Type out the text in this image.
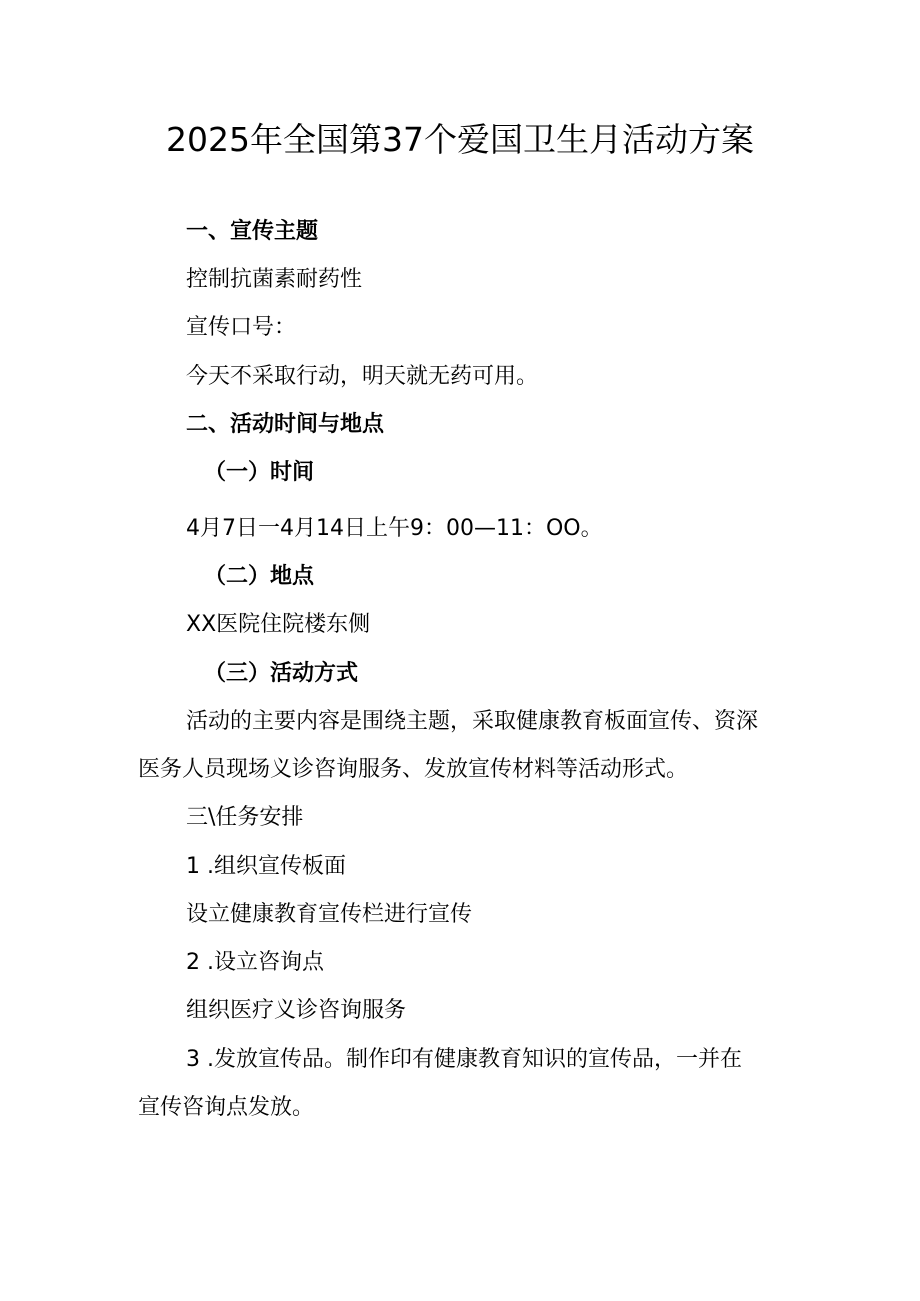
2025年全国第37个爱国卫生月活动方案
一、宣传主题
控制抗菌素耐药性
宣传口号：
今天不采取行动，明天就无药可用。
二、活动时间与地点
（一）时间
4月7日一4月14日上午9：00—11：OO。
（二）地点
XX医院住院楼东侧
（三）活动方式
活动的主要内容是围绕主题，采取健康教育板面宣传、资深
医务人员现场义诊咨询服务、发放宣传材料等活动形式。
三\任务安排
1 .组织宣传板面
设立健康教育宣传栏进行宣传
2 .设立咨询点
组织医疗义诊咨询服务
3 .发放宣传品。制作印有健康教育知识的宣传品，一并在
宣传咨询点发放。
